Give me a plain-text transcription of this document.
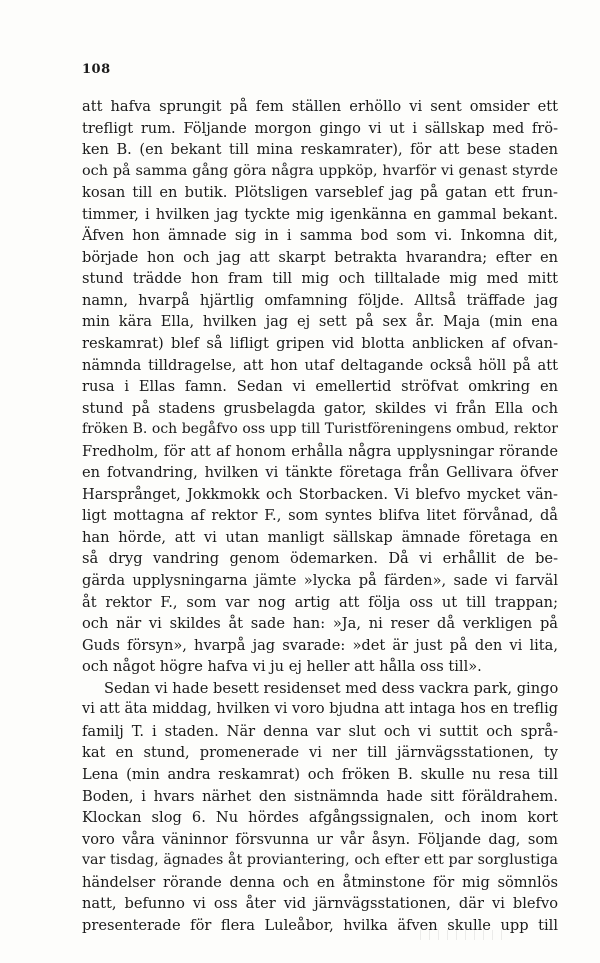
108
att hafva sprungit på fem ställen erhöllo vi sent omsider ett
trefligt rum. Följande morgon gingo vi ut i sällskap med frö-
ken B. (en bekant till mina reskamrater), för att bese staden
och på samma gång göra några uppköp, hvarför vi genast styrde
kosan till en butik. Plötsligen varseblef jag på gatan ett frun-
timmer, i hvilken jag tyckte mig igenkänna en gammal bekant.
Äfven hon ämnade sig in i samma bod som vi. Inkomna dit,
började hon och jag att skarpt betrakta hvarandra; efter en
stund trädde hon fram till mig och tilltalade mig med mitt
namn, hvarpå hjärtlig omfamning följde. Alltså träffade jag
min kära Ella, hvilken jag ej sett på sex år. Maja (min ena
reskamrat) blef så lifligt gripen vid blotta anblicken af ofvan-
nämnda tilldragelse, att hon utaf deltagande också höll på att
rusa i Ellas famn. Sedan vi emellertid ströfvat omkring en
stund på stadens grusbelagda gator, skildes vi från Ella och
fröken B. och begåfvo oss upp till Turistföreningens ombud, rektor
Fredholm, för att af honom erhålla några upplysningar rörande
en fotvandring, hvilken vi tänkte företaga från Gellivara öfver
Harsprånget, Jokkmokk och Storbacken. Vi blefvo mycket vän-
ligt mottagna af rektor F., som syntes blifva litet förvånad, då
han hörde, att vi utan manligt sällskap ämnade företaga en
så dryg vandring genom ödemarken. Då vi erhållit de be-
gärda upplysningarna jämte »lycka på färden», sade vi farväl
åt rektor F., som var nog artig att följa oss ut till trappan;
och när vi skildes åt sade han: »Ja, ni reser då verkligen på
Guds försyn», hvarpå jag svarade: »det är just på den vi lita,
och något högre hafva vi ju ej heller att hålla oss till».
Sedan vi hade besett residenset med dess vackra park, gingo
vi att äta middag, hvilken vi voro bjudna att intaga hos en treflig
familj T. i staden. När denna var slut och vi suttit och språ-
kat en stund, promenerade vi ner till järnvägsstationen, ty
Lena (min andra reskamrat) och fröken B. skulle nu resa till
Boden, i hvars närhet den sistnämnda hade sitt föräldrahem.
Klockan slog 6. Nu hördes afgångssignalen, och inom kort
voro våra väninnor försvunna ur vår åsyn. Följande dag, som
var tisdag, ägnades åt proviantering, och efter ett par sorglustiga
händelser rörande denna och en åtminstone för mig sömnlös
natt, befunno vi oss åter vid järnvägsstationen, där vi blefvo
presenterade för flera Luleåbor, hvilka äfven skulle upp till
